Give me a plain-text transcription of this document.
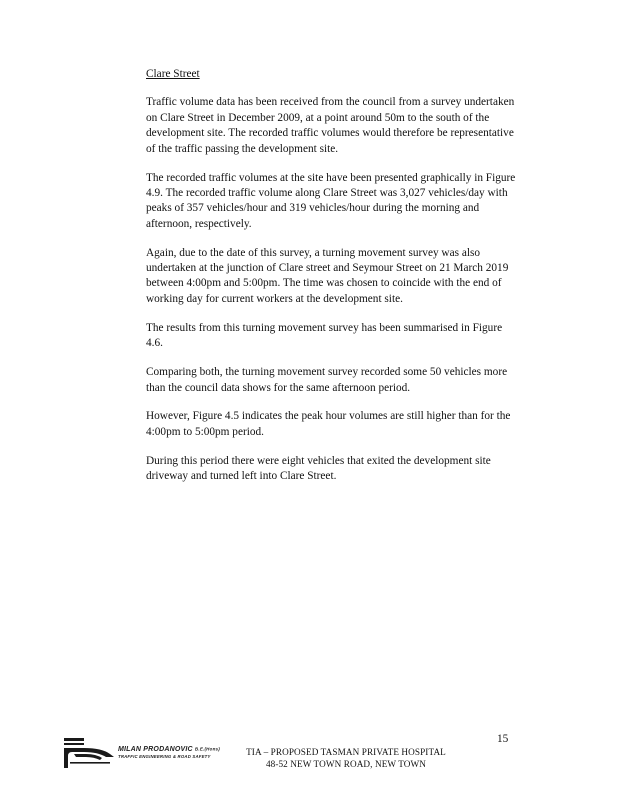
Clare Street

Traffic volume data has been received from the council from a survey undertaken on Clare Street in December 2009, at a point around 50m to the south of the development site. The recorded traffic volumes would therefore be representative of the traffic passing the development site.

The recorded traffic volumes at the site have been presented graphically in Figure 4.9. The recorded traffic volume along Clare Street was 3,027 vehicles/day with peaks of 357 vehicles/hour and 319 vehicles/hour during the morning and afternoon, respectively.

Again, due to the date of this survey, a turning movement survey was also undertaken at the junction of Clare street and Seymour Street on 21 March 2019 between 4:00pm and 5:00pm. The time was chosen to coincide with the end of working day for current workers at the development site.

The results from this turning movement survey has been summarised in Figure 4.6.

Comparing both, the turning movement survey recorded some 50 vehicles more than the council data shows for the same afternoon period.

However, Figure 4.5 indicates the peak hour volumes are still higher than for the 4:00pm to 5:00pm period.

During this period there were eight vehicles that exited the development site driveway and turned left into Clare Street.

15
MILAN PRODANOVIC B.E.(Hons)
TRAFFIC ENGINEERING & ROAD SAFETY	TIA – PROPOSED TASMAN PRIVATE HOSPITAL
48-52 NEW TOWN ROAD, NEW TOWN
